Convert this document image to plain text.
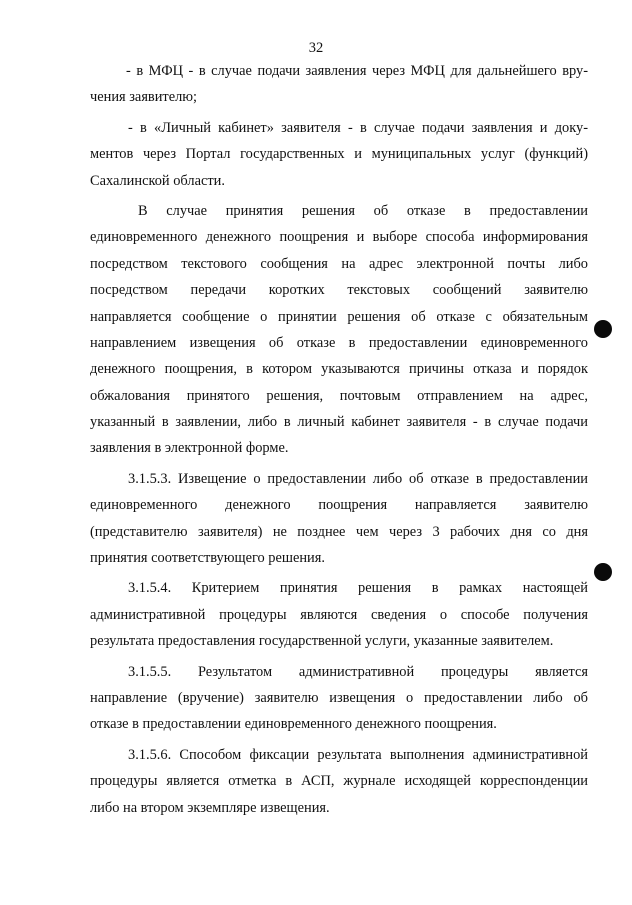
32
- в МФЦ - в случае подачи заявления через МФЦ для дальнейшего вру-
чения заявителю;
- в «Личный кабинет» заявителя - в случае подачи заявления и доку-
ментов через Портал государственных и муниципальных услуг (функций)
Сахалинской области.
В случае принятия решения об отказе в предоставлении
единовременного денежного поощрения и выборе способа информирования
посредством текстового сообщения на адрес электронной почты либо
посредством передачи коротких текстовых сообщений заявителю
направляется сообщение о принятии решения об отказе с обязательным
направлением извещения об отказе в предоставлении единовременного
денежного поощрения, в котором указываются причины отказа и порядок
обжалования принятого решения, почтовым отправлением на адрес,
указанный в заявлении, либо в личный кабинет заявителя - в случае подачи
заявления в электронной форме.
3.1.5.3. Извещение о предоставлении либо об отказе в предоставлении
единовременного денежного поощрения направляется заявителю
(представителю заявителя) не позднее чем через 3 рабочих дня со дня
принятия соответствующего решения.
3.1.5.4. Критерием принятия решения в рамках настоящей
административной процедуры являются сведения о способе получения
результата предоставления государственной услуги, указанные заявителем.
3.1.5.5. Результатом административной процедуры является
направление (вручение) заявителю извещения о предоставлении либо об
отказе в предоставлении единовременного денежного поощрения.
3.1.5.6. Способом фиксации результата выполнения административной
процедуры является отметка в АСП, журнале исходящей корреспонденции
либо на втором экземпляре извещения.
